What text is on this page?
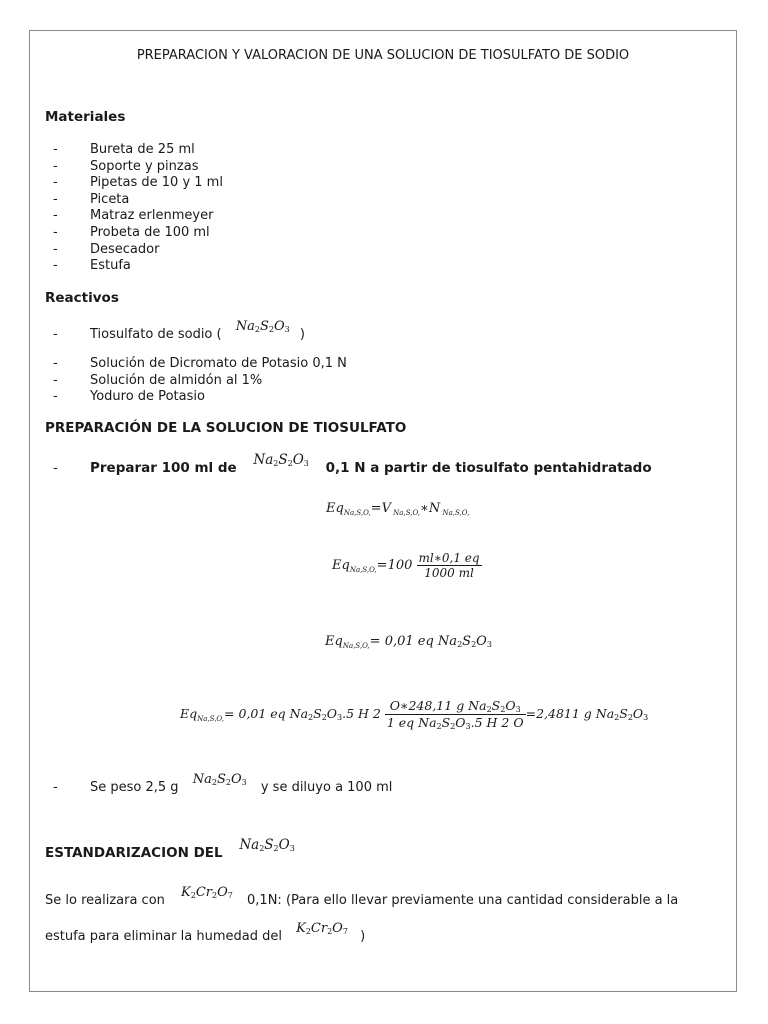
PREPARACION Y VALORACION DE UNA SOLUCION DE TIOSULFATO DE SODIO
Materiales
- Bureta de 25 ml
- Soporte y pinzas
- Pipetas de 10 y 1 ml
- Piceta
- Matraz erlenmeyer
- Probeta de 100 ml
- Desecador
- Estufa
Reactivos
- Tiosulfato de sodio ( $Na_2S_2O_3$ )
- Solución de Dicromato de Potasio 0,1 N
- Solución de almidón al 1%
- Yoduro de Potasio
PREPARACIÓN DE LA SOLUCION DE TIOSULFATO
- Preparar 100 ml de $Na_2S_2O_3$ 0,1 N a partir de tiosulfato pentahidratado
$Eq_{Na,S,O,}=V$ $_{Na,S,O,}$∗N $_{Na,S,O,}$
$Eq_{Na,S,O,}=100 \frac{ml∗0,1 eq}{1000 ml}$
$Eq_{Na,S,O,}= 0,01$ eq $Na_2S_2O_3$
$Eq_{Na,S,O,}= 0,01$ eq $Na_2S_2O_3.5$ H $2 \frac{O∗248,11 g Na_2S_2O_3}{1 eq Na_2S_2O_3.5 H 2 O} =2,4811$ g $Na_2S_2O_3$
- Se peso 2,5 g $Na_2S_2O_3$ y se diluyo a 100 ml
ESTANDARIZACION DEL $Na_2S_2O_3$
Se lo realizara con $K_2Cr_2O_7$ 0,1N: (Para ello llevar previamente una cantidad considerable a la
estufa para eliminar la humedad del $K_2Cr_2O_7$ )
